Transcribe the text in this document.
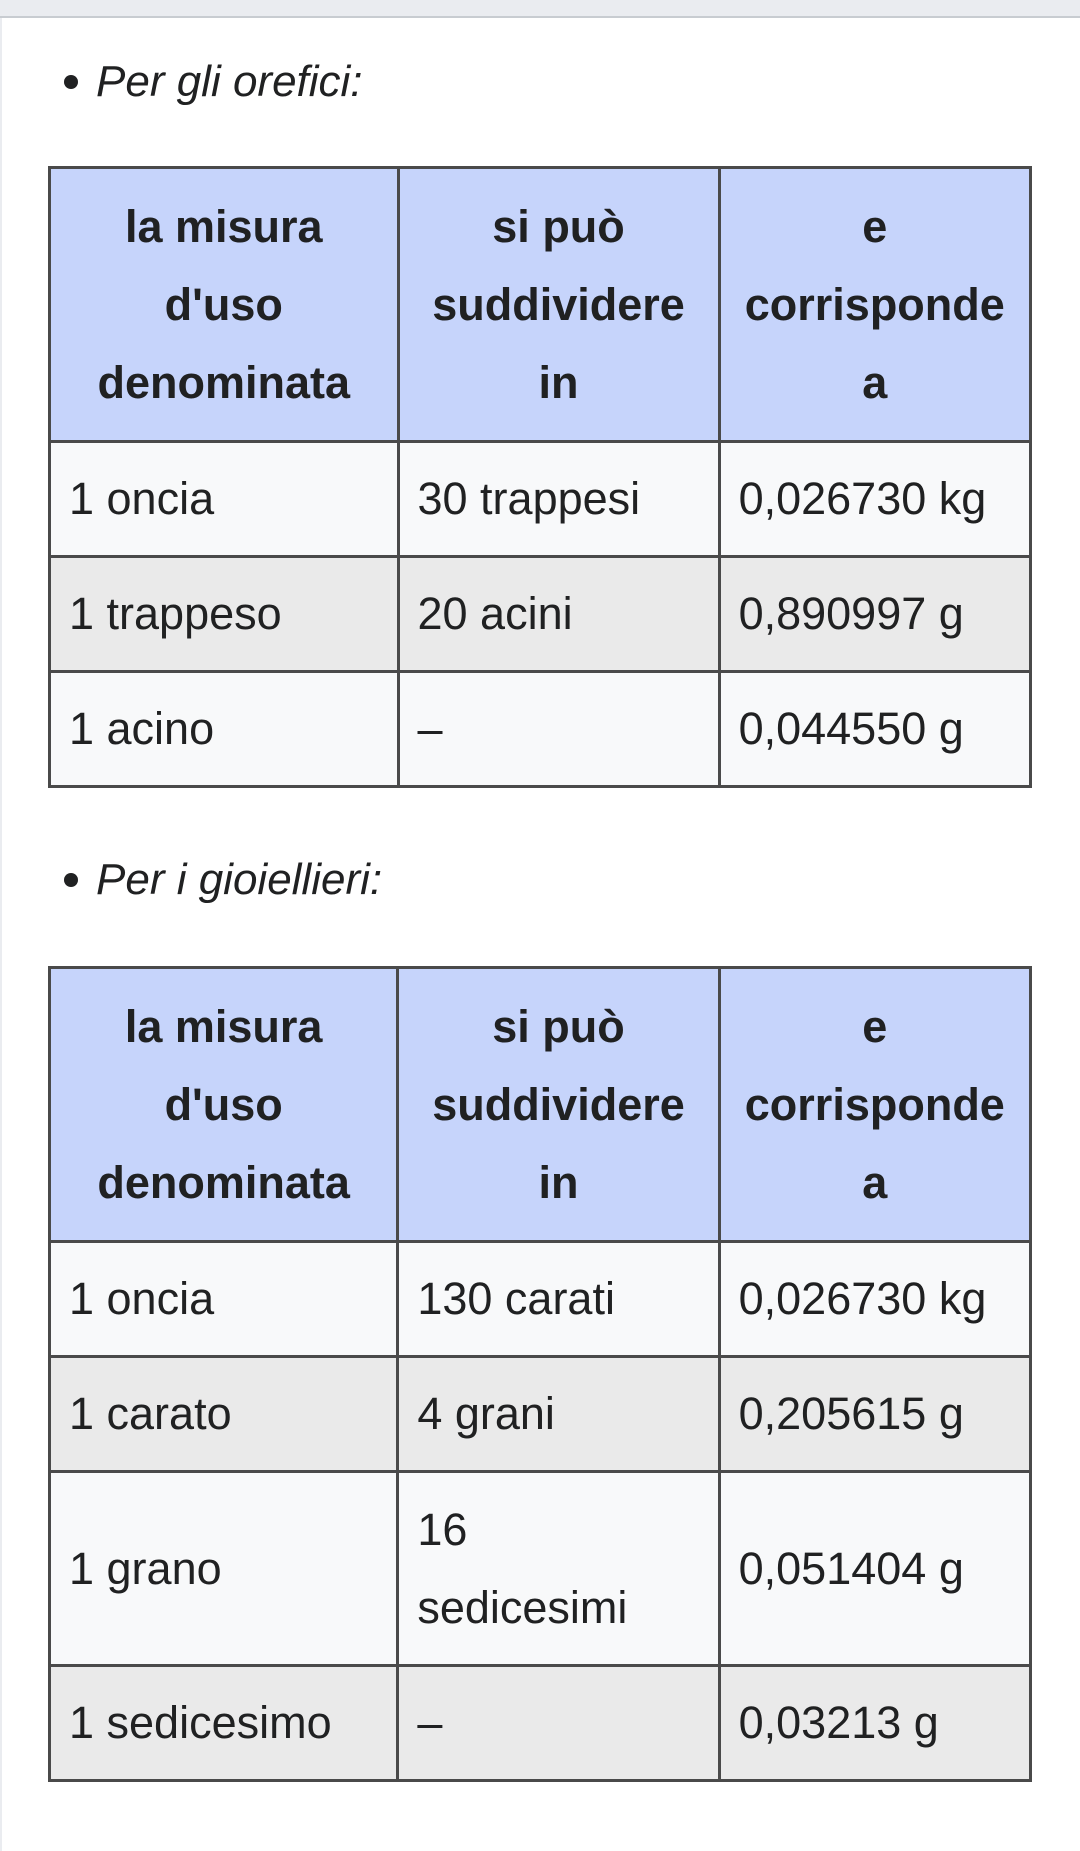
Per gli orefici:
la misura d'uso denominata	si può suddividere in	e corrisponde a
1 oncia	30 trappesi	0,026730 kg
1 trappeso	20 acini	0,890997 g
1 acino	–	0,044550 g
Per i gioiellieri:
la misura d'uso denominata	si può suddividere in	e corrisponde a
1 oncia	130 carati	0,026730 kg
1 carato	4 grani	0,205615 g
1 grano	16 sedicesimi	0,051404 g
1 sedicesimo	–	0,03213 g
